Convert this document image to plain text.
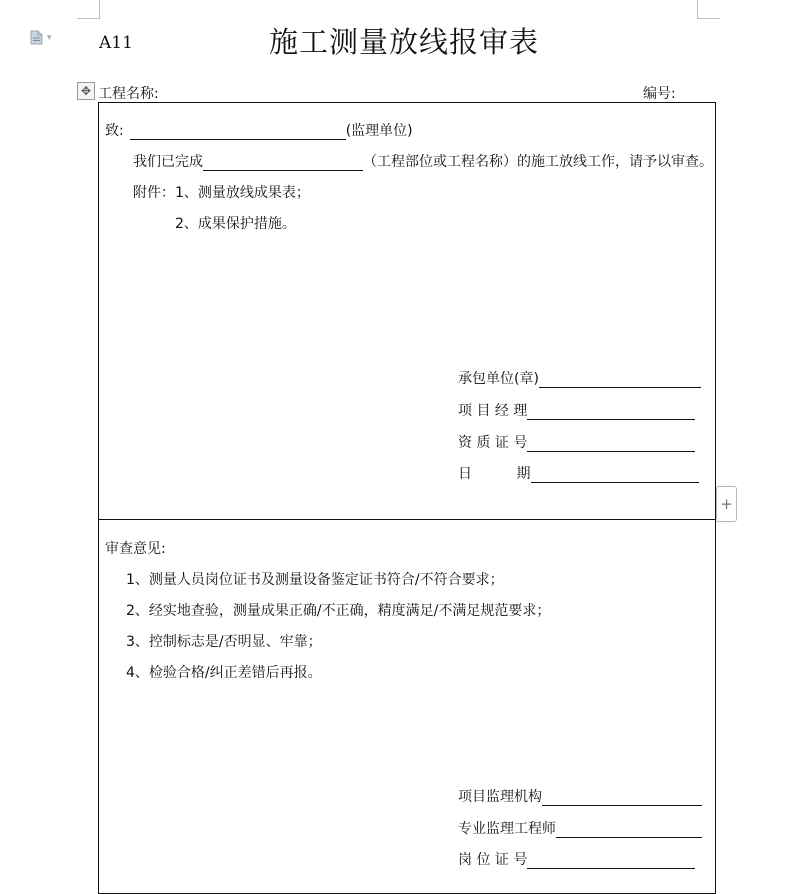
▾	A11	施工测量放线报审表
✥ 工程名称:	编号:
+
致:	(监理单位)
我们已完成	（工程部位或工程名称）的施工放线工作，请予以审查。
附件：1、测量放线成果表；
2、成果保护措施。
承包单位(章)
项 目 经 理
资 质 证 号
日          期
审查意见:
1、测量人员岗位证书及测量设备鉴定证书符合/不符合要求；
2、经实地查验，测量成果正确/不正确，精度满足/不满足规范要求；
3、控制标志是/否明显、牢靠；
4、检验合格/纠正差错后再报。
项目监理机构
专业监理工程师
岗 位 证 号
